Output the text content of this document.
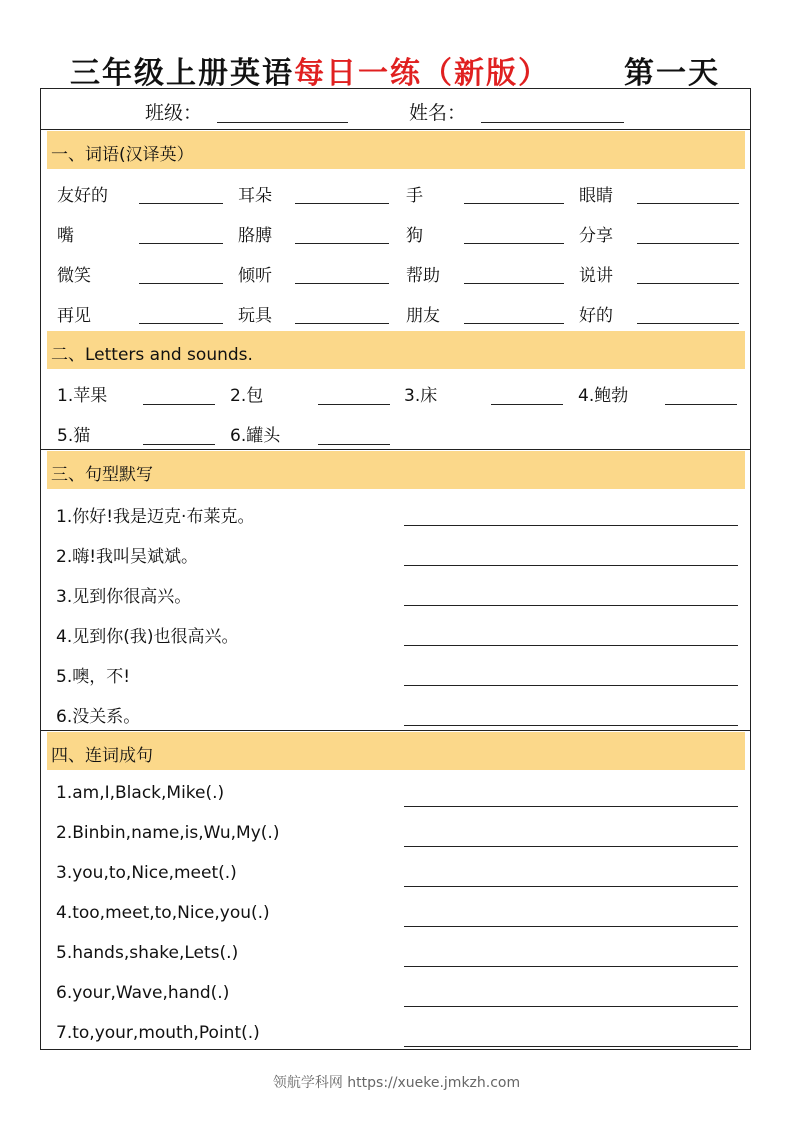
三年级上册英语每日一练（新版） 第一天
班级：	姓名：
一、词语(汉译英）
友好的	耳朵	手	眼睛
嘴	胳膊	狗	分享
微笑	倾听	帮助	说讲
再见	玩具	朋友	好的
二、Letters and sounds.
1.苹果	2.包	3.床	4.鲍勃
5.猫	6.罐头
三、句型默写
1.你好!我是迈克·布莱克。
2.嗨!我叫吴斌斌。
3.见到你很高兴。
4.见到你(我)也很高兴。
5.噢，不!
6.没关系。
四、连词成句
1.am,I,Black,Mike(.)
2.Binbin,name,is,Wu,My(.)
3.you,to,Nice,meet(.)
4.too,meet,to,Nice,you(.)
5.hands,shake,Lets(.)
6.your,Wave,hand(.)
7.to,your,mouth,Point(.)
领航学科网 https://xueke.jmkzh.com
